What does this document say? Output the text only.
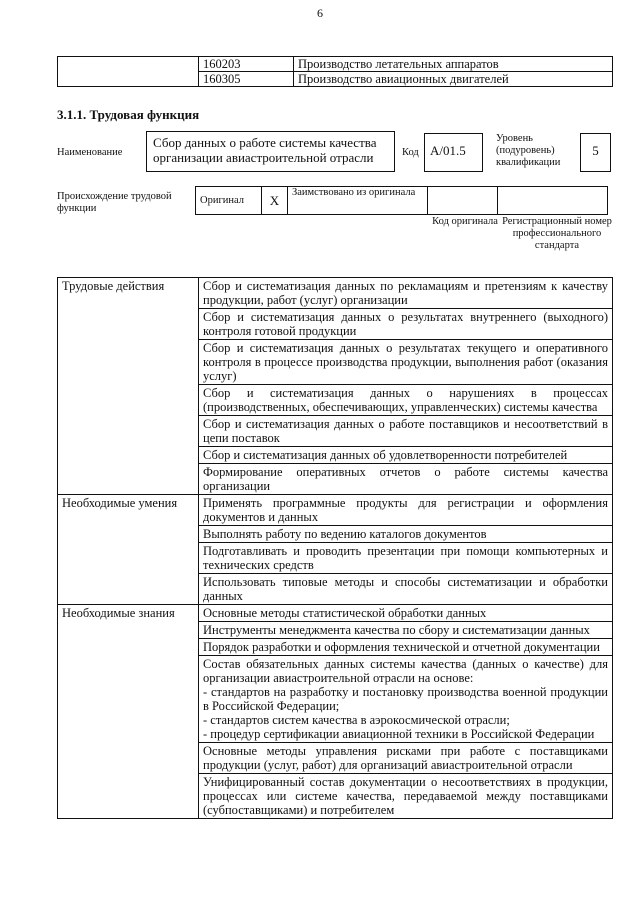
6
	160203	Производство летательных аппаратов
	160305	Производство авиационных двигателей
3.1.1. Трудовая функция
Наименование
Сбор данных о работе системы качества организации авиастроительной отрасли	Код A/01.5
Уровень (подуровень) квалификации
5
Происхождение трудовой функции
Оригинал	X	Заимствовано из оригинала		
Код оригинала Регистрационный номер профессионального стандарта
Трудовые действия	Сбор и систематизация данных по рекламациям и претензиям к качеству продукции, работ (услуг) организации
	Сбор и систематизация данных о результатах внутреннего (выходного) контроля готовой продукции
	Сбор и систематизация данных о результатах текущего и оперативного контроля в процессе производства продукции, выполнения работ (оказания услуг)
	Сбор и систематизация данных о нарушениях в процессах (производственных, обеспечивающих, управленческих) системы качества
	Сбор и систематизация данных о работе поставщиков и несоответствий в цепи поставок
	Сбор и систематизация данных об удовлетворенности потребителей
	Формирование оперативных отчетов о работе системы качества организации
Необходимые умения	Применять программные продукты для регистрации и оформления документов и данных
	Выполнять работу по ведению каталогов документов
	Подготавливать и проводить презентации при помощи компьютерных и технических средств
	Использовать типовые методы и способы систематизации и обработки данных
Необходимые знания	Основные методы статистической обработки данных
	Инструменты менеджмента качества по сбору и систематизации данных
	Порядок разработки и оформления технической и отчетной документации
	Состав обязательных данных системы качества (данных о качестве) для организации авиастроительной отрасли на основе:
- стандартов на разработку и постановку производства военной продукции в Российской Федерации;
- стандартов систем качества в аэрокосмической отрасли;
- процедур сертификации авиационной техники в Российской Федерации
	Основные методы управления рисками при работе с поставщиками продукции (услуг, работ) для организаций авиастроительной отрасли
	Унифицированный состав документации о несоответствиях в продукции, процессах или системе качества, передаваемой между поставщиками (субпоставщиками) и потребителем
